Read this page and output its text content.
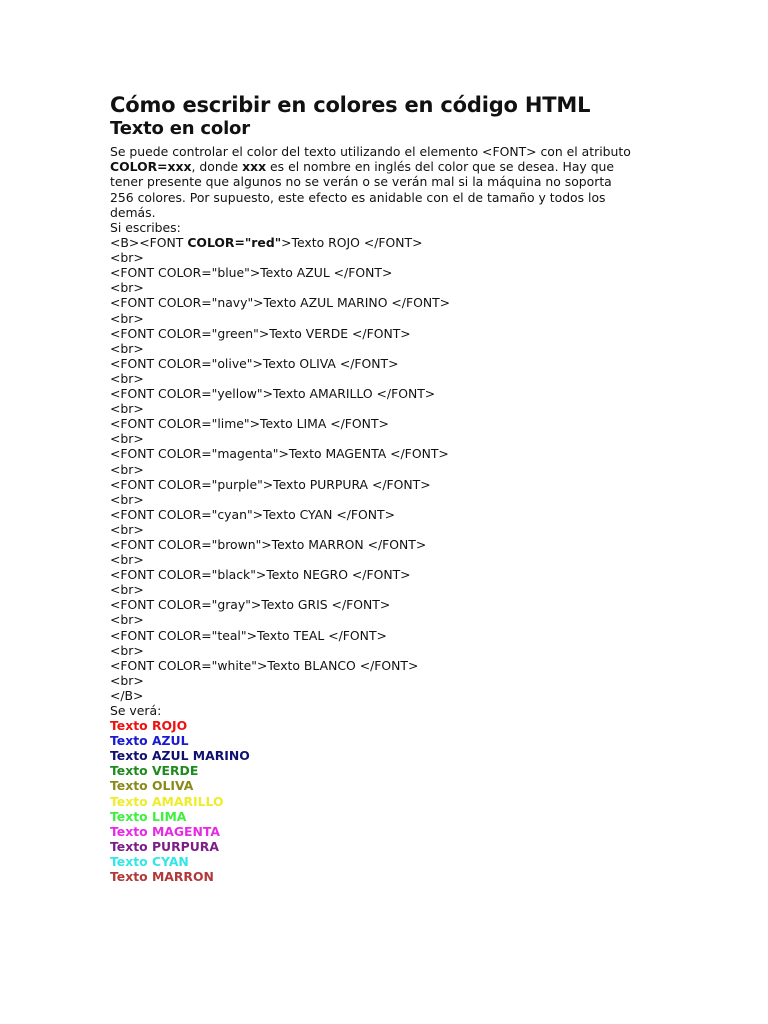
Cómo escribir en colores en código HTML
Texto en color
Se puede controlar el color del texto utilizando el elemento <FONT> con el atributo
COLOR=xxx, donde xxx es el nombre en inglés del color que se desea. Hay que
tener presente que algunos no se verán o se verán mal si la máquina no soporta
256 colores. Por supuesto, este efecto es anidable con el de tamaño y todos los
demás.
Si escribes:
<B><FONT COLOR="red">Texto ROJO </FONT>
<br>
<FONT COLOR="blue">Texto AZUL </FONT>
<br>
<FONT COLOR="navy">Texto AZUL MARINO </FONT>
<br>
<FONT COLOR="green">Texto VERDE </FONT>
<br>
<FONT COLOR="olive">Texto OLIVA </FONT>
<br>
<FONT COLOR="yellow">Texto AMARILLO </FONT>
<br>
<FONT COLOR="lime">Texto LIMA </FONT>
<br>
<FONT COLOR="magenta">Texto MAGENTA </FONT>
<br>
<FONT COLOR="purple">Texto PURPURA </FONT>
<br>
<FONT COLOR="cyan">Texto CYAN </FONT>
<br>
<FONT COLOR="brown">Texto MARRON </FONT>
<br>
<FONT COLOR="black">Texto NEGRO </FONT>
<br>
<FONT COLOR="gray">Texto GRIS </FONT>
<br>
<FONT COLOR="teal">Texto TEAL </FONT>
<br>
<FONT COLOR="white">Texto BLANCO </FONT>
<br>
</B>
Se verá:
Texto ROJO
Texto AZUL
Texto AZUL MARINO
Texto VERDE
Texto OLIVA
Texto AMARILLO
Texto LIMA
Texto MAGENTA
Texto PURPURA
Texto CYAN
Texto MARRON
